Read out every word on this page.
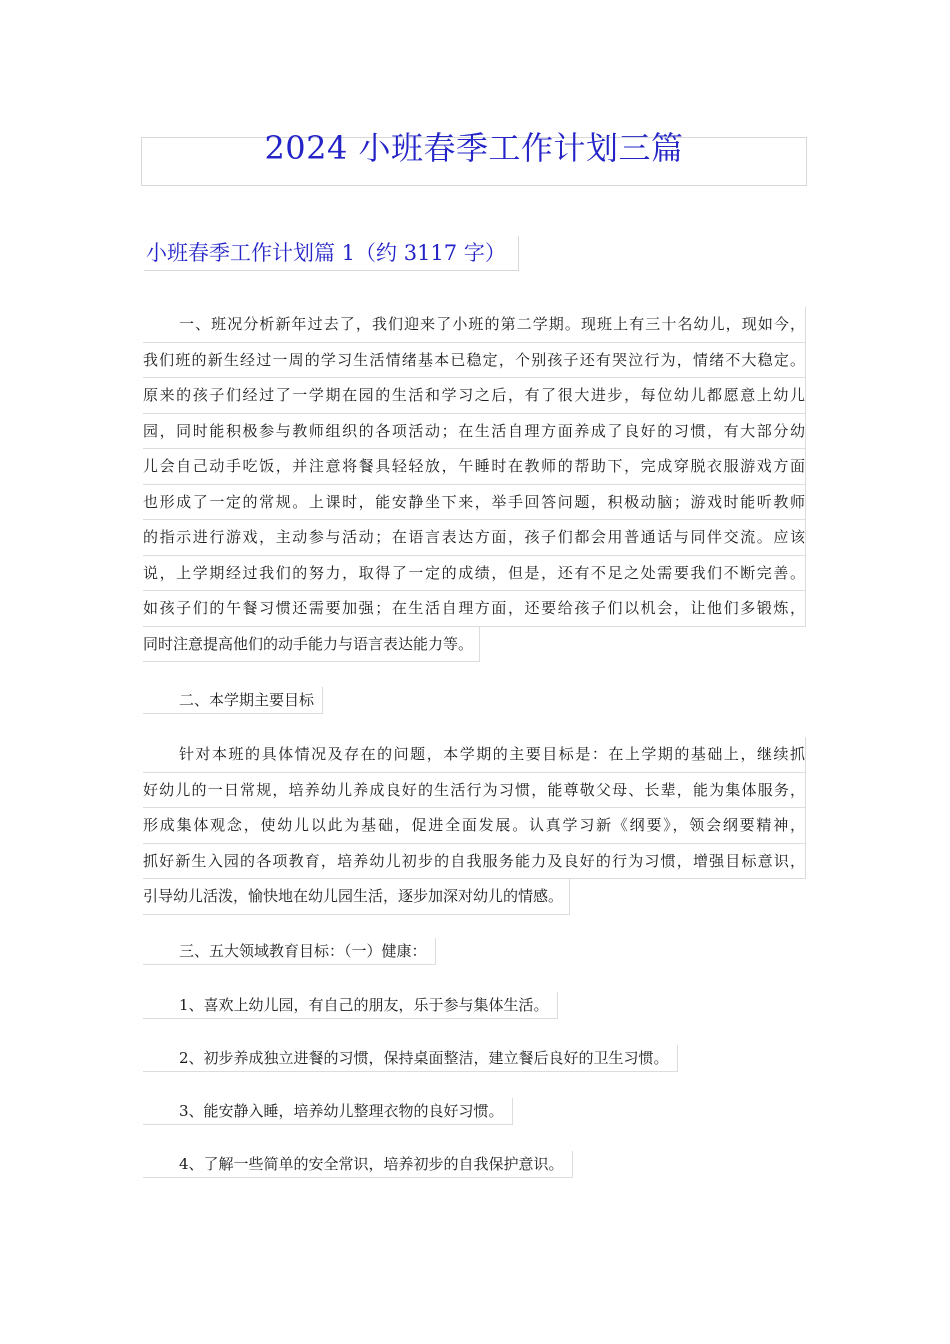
2024 小班春季工作计划三篇
小班春季工作计划篇 1（约 3117 字）
一、班况分析新年过去了，我们迎来了小班的第二学期。现班上有三十名幼儿，现如今，
我们班的新生经过一周的学习生活情绪基本已稳定，个别孩子还有哭泣行为，情绪不大稳定。
原来的孩子们经过了一学期在园的生活和学习之后，有了很大进步，每位幼儿都愿意上幼儿
园，同时能积极参与教师组织的各项活动；在生活自理方面养成了良好的习惯，有大部分幼
儿会自己动手吃饭，并注意将餐具轻轻放，午睡时在教师的帮助下，完成穿脱衣服游戏方面
也形成了一定的常规。上课时，能安静坐下来，举手回答问题，积极动脑；游戏时能听教师
的指示进行游戏，主动参与活动；在语言表达方面，孩子们都会用普通话与同伴交流。应该
说，上学期经过我们的努力，取得了一定的成绩，但是，还有不足之处需要我们不断完善。
如孩子们的午餐习惯还需要加强；在生活自理方面，还要给孩子们以机会，让他们多锻炼，
同时注意提高他们的动手能力与语言表达能力等。
二、本学期主要目标
针对本班的具体情况及存在的问题，本学期的主要目标是：在上学期的基础上，继续抓
好幼儿的一日常规，培养幼儿养成良好的生活行为习惯，能尊敬父母、长辈，能为集体服务，
形成集体观念，使幼儿以此为基础，促进全面发展。认真学习新《纲要》，领会纲要精神，
抓好新生入园的各项教育，培养幼儿初步的自我服务能力及良好的行为习惯，增强目标意识，
引导幼儿活泼，愉快地在幼儿园生活，逐步加深对幼儿的情感。
三、五大领域教育目标：（一）健康：
1、喜欢上幼儿园，有自己的朋友，乐于参与集体生活。
2、初步养成独立进餐的习惯，保持桌面整洁，建立餐后良好的卫生习惯。
3、能安静入睡，培养幼儿整理衣物的良好习惯。
4、了解一些简单的安全常识，培养初步的自我保护意识。
